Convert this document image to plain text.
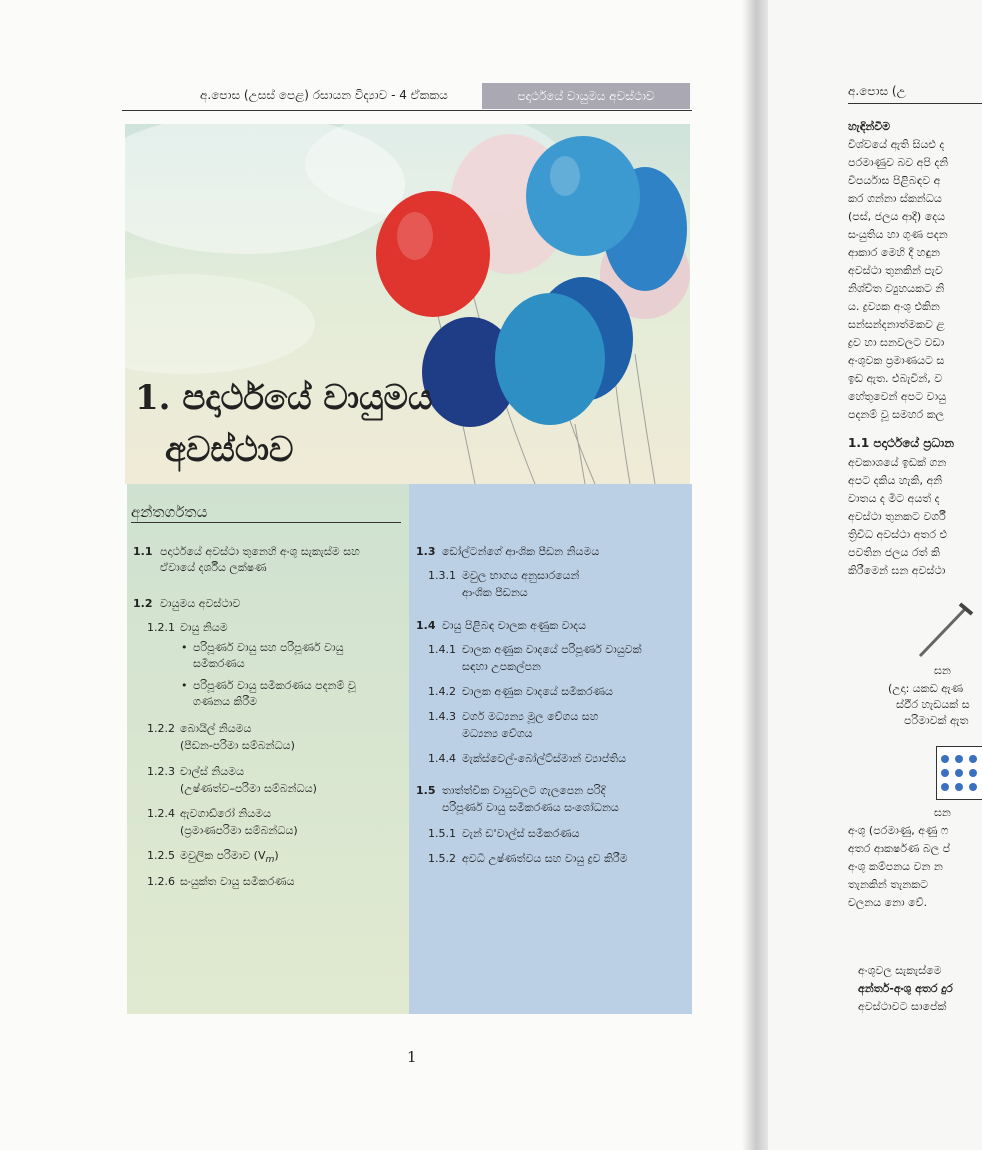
අ.පොස (උසස් පෙළ) රසායන විද්‍යාව - 4 ඒකකය	පදාර්ථයේ වායුමය අවස්ථාව
1. පදාර්ථයේ වායුමය
අවස්ථාව
අන්තර්ගතය
1.1 පදාර්ථයේ අවස්ථා තුනෙහි අංශු සැකැස්ම සහ ඒවායේ දර්ශීය ලක්ෂණ
1.2 වායුමය අවස්ථාව
1.2.1 වායු නියම
• පරිපූර්ණ වායු සහ පරිපූර්ණ වායු සමීකරණය
• පරිපූර්ණ වායු සමීකරණය පදනම් වූ ගණනය කිරීම
1.2.2 බොයිල් නියමය
(පීඩන-පරිමා සම්බන්ධය)
1.2.3 චාල්ස් නියමය
(උෂ්ණත්ව–පරිමා සම්බන්ධය)
1.2.4 ඇවගාඩ්රෝ නියමය
(ප්‍රමාණපරිමා සම්බන්ධය)
1.2.5 මවුලික පරිමාව $(V_m)$
1.2.6 සංයුක්ත වායු සමීකරණය
1.3 ඩෝල්ටන්ගේ ආංශික පීඩන නියමය
1.3.1 මවුල භාගය අනුසාරයෙන්
ආංශික පීඩනය
1.4 වායු පිළිබඳ චාලක අණුක වාදය
1.4.1 චාලක අණුක වාදයේ පරිපූර්ණ වායුවක්
සඳහා උපකල්පන
1.4.2 චාලක අණුක වාදයේ සමීකරණය
1.4.3 වර්ග මධ්‍යන්‍ය මූල වේගය සහ
මධ්‍යන්‍ය වේගය
1.4.4 මැක්ස්වෙල්-බෝල්ට්ස්මාන් ව්‍යාප්තිය
1.5 තාත්ත්වික වායුවලට ගැලපෙන පරිදි
පරිපූර්ණ වායු සමීකරණය සංශෝධනය
1.5.1 වැන් ඩ'වාල්ස් සමීකරණය
1.5.2 අවධි උෂ්ණත්වය සහ වායු ද්‍රව කිරීම
1
අ.පොස (උ
හැඳින්වීම
විශ්වයේ ඇති සියළු ද
පරමාණුව බව අපි දනි
විපර්යාස පිළිබඳව අ
කර ගන්නා ස්කන්ධය
(පස්, ජලය ආදී) දෙය
සංයුතිය හා ගුණ පදන
ආකාර මෙහි දී හඳුන
අවස්ථා තුනකින් පැව
නිශ්චිත ව්‍යුහයකට නි
ය. ද්‍රව්‍යක අංශු එකින
සන්සන්දනාත්මකව ළ
ද්‍රව හා ඝනවලට වඩා
අංශුවක ප්‍රමාණයට ස
ඉඩ ඇත. එබැවින්, ව
හේතුවෙන් අපට වායු
පදනම් වූ සමහර කල
1.1 පදාර්ථයේ ප්‍රධාන
අවකාශයේ ඉඩක් ගන
අපට දකිය හැකි, අනි
වාතය ද මීට අයත් ද
අවස්ථා තුනකට වර්ගී
ත්‍රිවිධ අවස්ථා අතර එ
පවතින ජලය රත් කි
කිරීමෙන් ඝන අවස්ථා
ඝන
(උදා: යකඩ ඇණ
ස්ඵිර හැඩයක් ස
පරිමාවක් ඇත
ඝන
අංශු (පරමාණු, අණු ෆ
අතර ආකර්ෂණ බල ප්‍
අංශු කම්පනය වන න
තැනකින් තැනකට
චලනය නො වේ.
අංශුවල සැකැස්මෙ
අන්තර්-අංශු අතර දුර
අවස්ථාවට සාපේක්
